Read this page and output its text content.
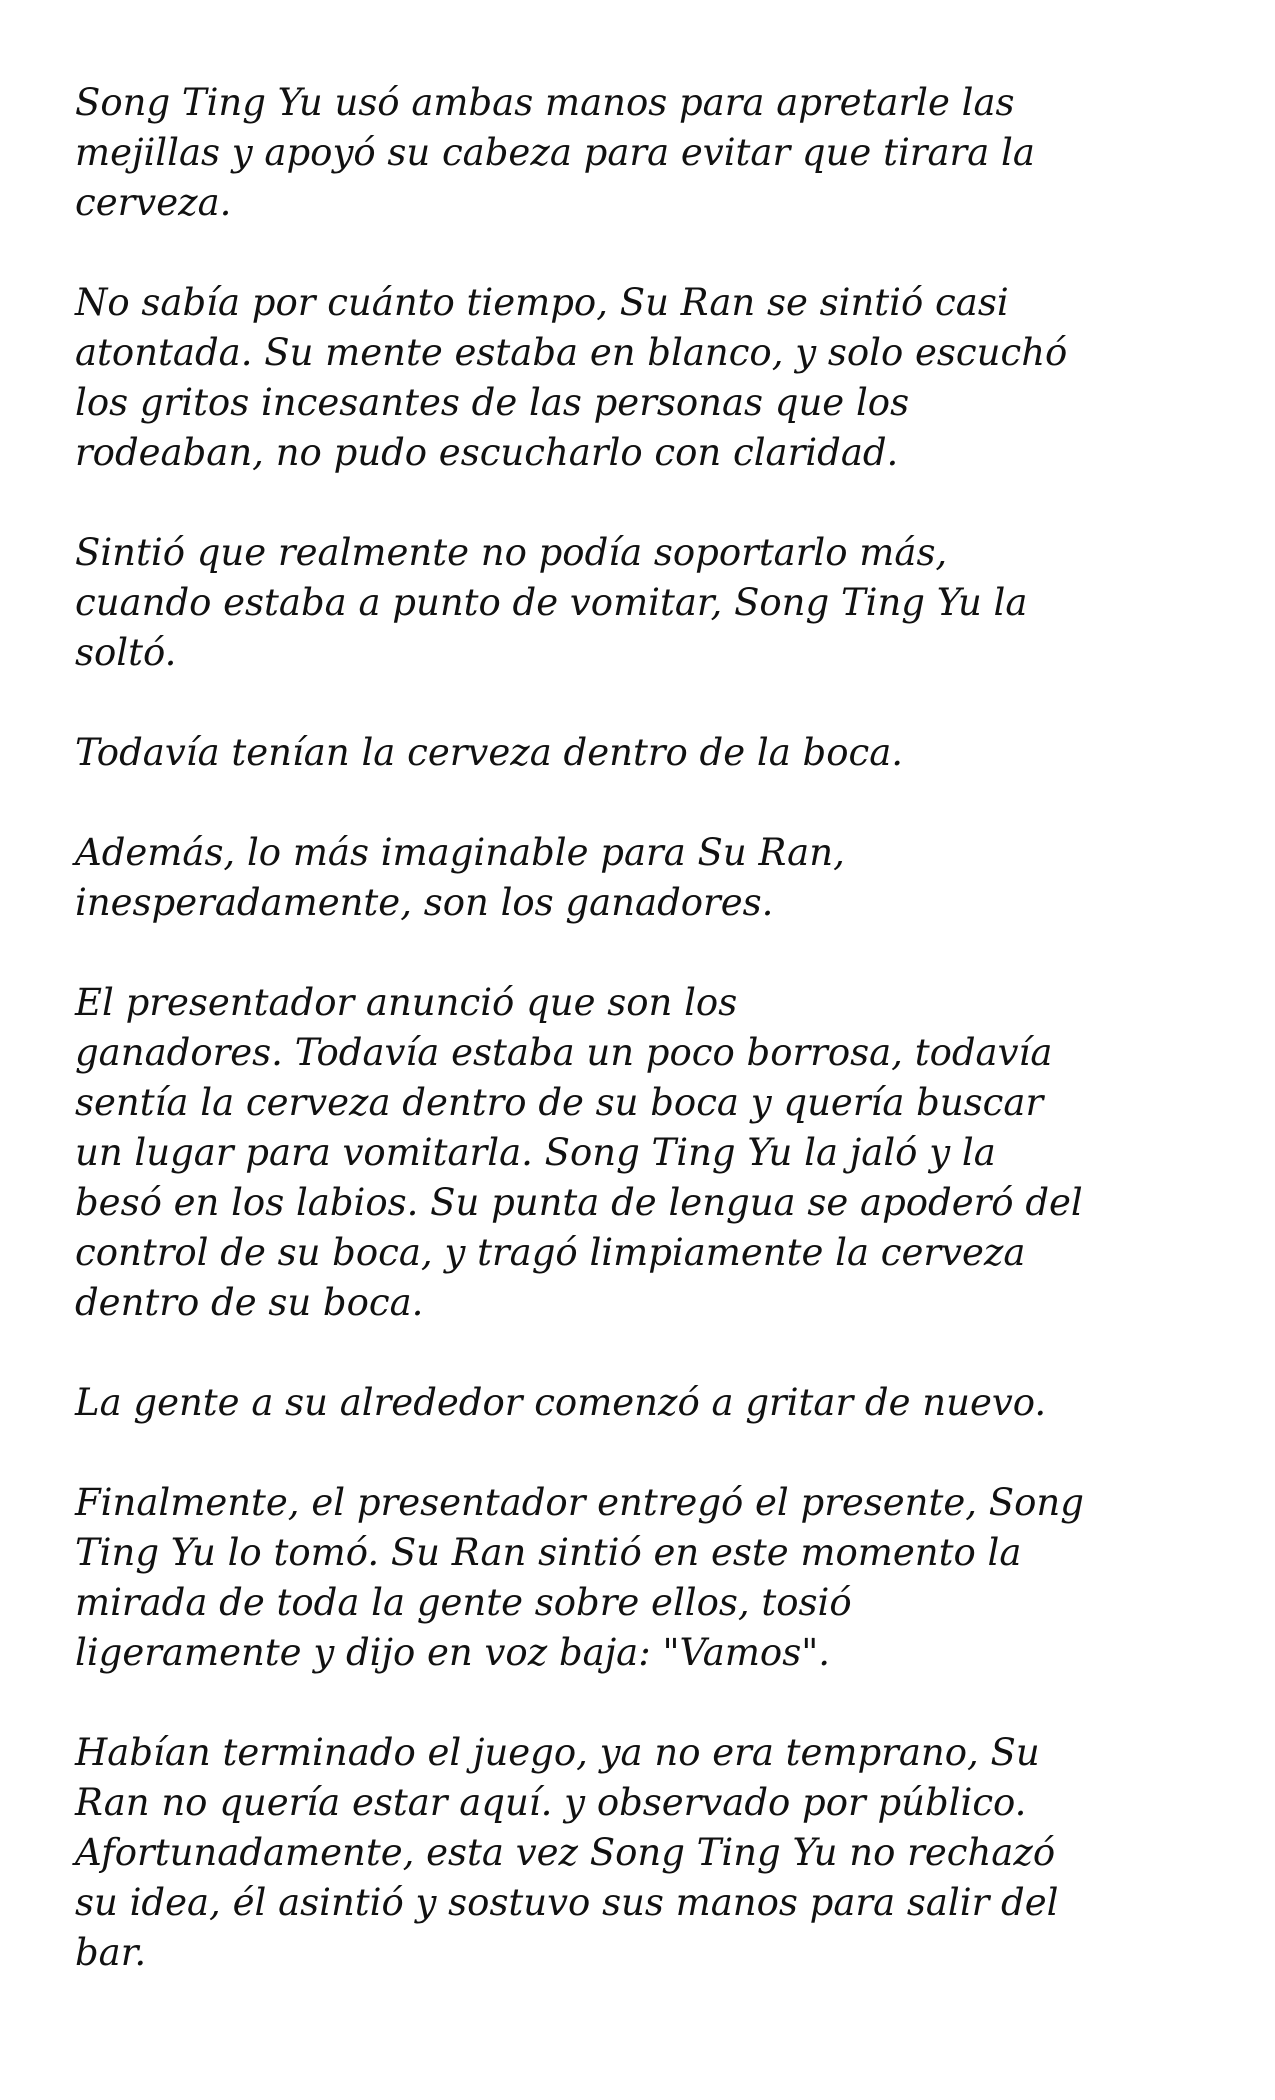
Song Ting Yu usó ambas manos para apretarle las
mejillas y apoyó su cabeza para evitar que tirara la
cerveza.

No sabía por cuánto tiempo, Su Ran se sintió casi
atontada. Su mente estaba en blanco, y solo escuchó
los gritos incesantes de las personas que los
rodeaban, no pudo escucharlo con claridad.

Sintió que realmente no podía soportarlo más,
cuando estaba a punto de vomitar, Song Ting Yu la
soltó.

Todavía tenían la cerveza dentro de la boca.

Además, lo más imaginable para Su Ran,
inesperadamente, son los ganadores.

El presentador anunció que son los
ganadores. Todavía estaba un poco borrosa, todavía
sentía la cerveza dentro de su boca y quería buscar
un lugar para vomitarla. Song Ting Yu la jaló y la
besó en los labios. Su punta de lengua se apoderó del
control de su boca, y tragó limpiamente la cerveza
dentro de su boca.

La gente a su alrededor comenzó a gritar de nuevo.

Finalmente, el presentador entregó el presente, Song
Ting Yu lo tomó. Su Ran sintió en este momento la
mirada de toda la gente sobre ellos, tosió
ligeramente y dijo en voz baja: "Vamos".

Habían terminado el juego, ya no era temprano, Su
Ran no quería estar aquí. y observado por público.
Afortunadamente, esta vez Song Ting Yu no rechazó
su idea, él asintió y sostuvo sus manos para salir del
bar.
